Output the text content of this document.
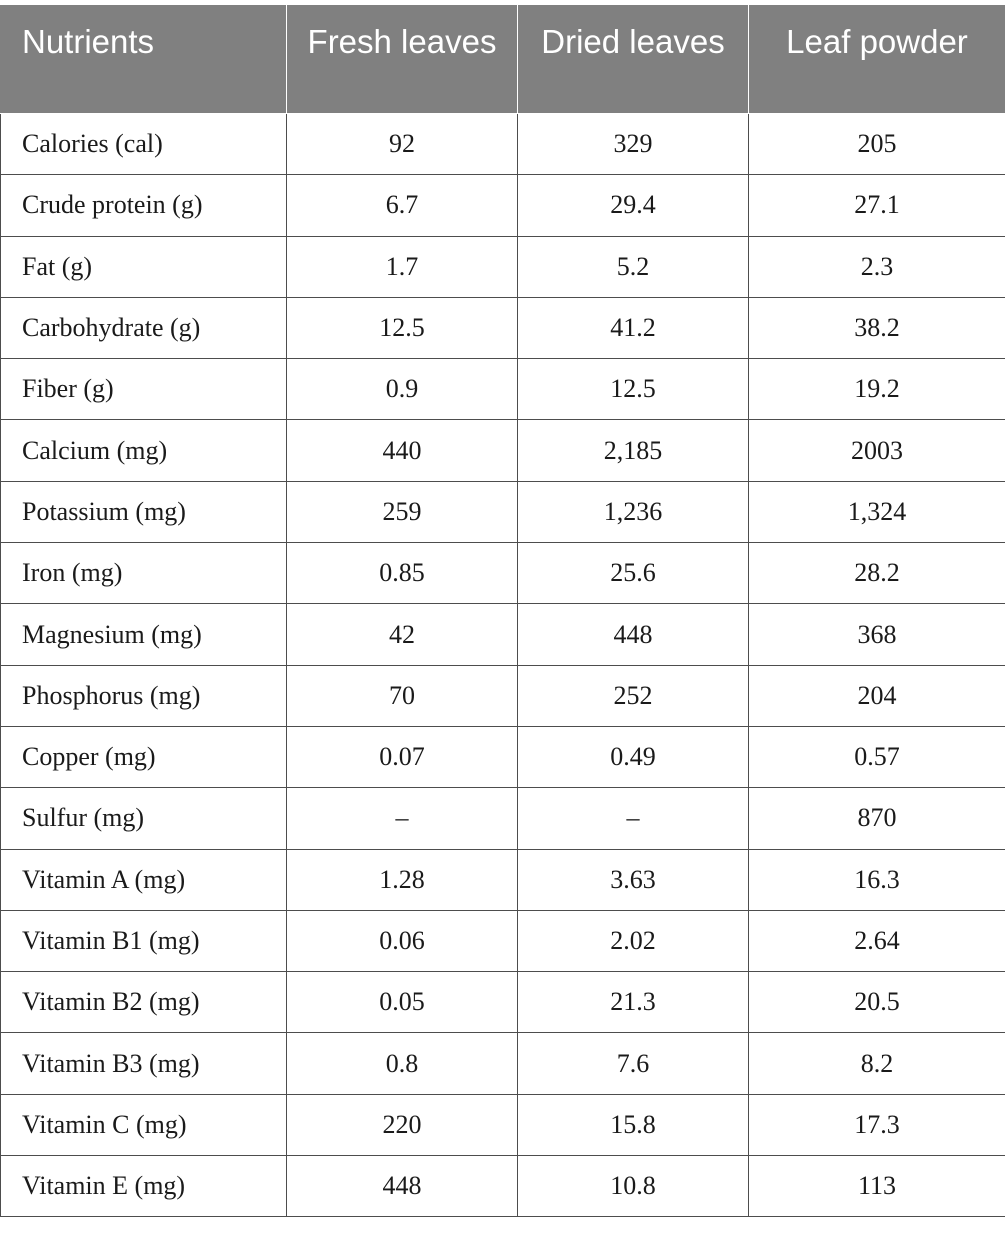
Nutrients	Fresh leaves	Dried leaves	Leaf powder

Calories (cal)	92	329	205
Crude protein (g)	6.7	29.4	27.1
Fat (g)	1.7	5.2	2.3
Carbohydrate (g)	12.5	41.2	38.2
Fiber (g)	0.9	12.5	19.2
Calcium (mg)	440	2,185	2003
Potassium (mg)	259	1,236	1,324
Iron (mg)	0.85	25.6	28.2
Magnesium (mg)	42	448	368
Phosphorus (mg)	70	252	204
Copper (mg)	0.07	0.49	0.57
Sulfur (mg)	–	–	870
Vitamin A (mg)	1.28	3.63	16.3
Vitamin B1 (mg)	0.06	2.02	2.64
Vitamin B2 (mg)	0.05	21.3	20.5
Vitamin B3 (mg)	0.8	7.6	8.2
Vitamin C (mg)	220	15.8	17.3
Vitamin E (mg)	448	10.8	113
